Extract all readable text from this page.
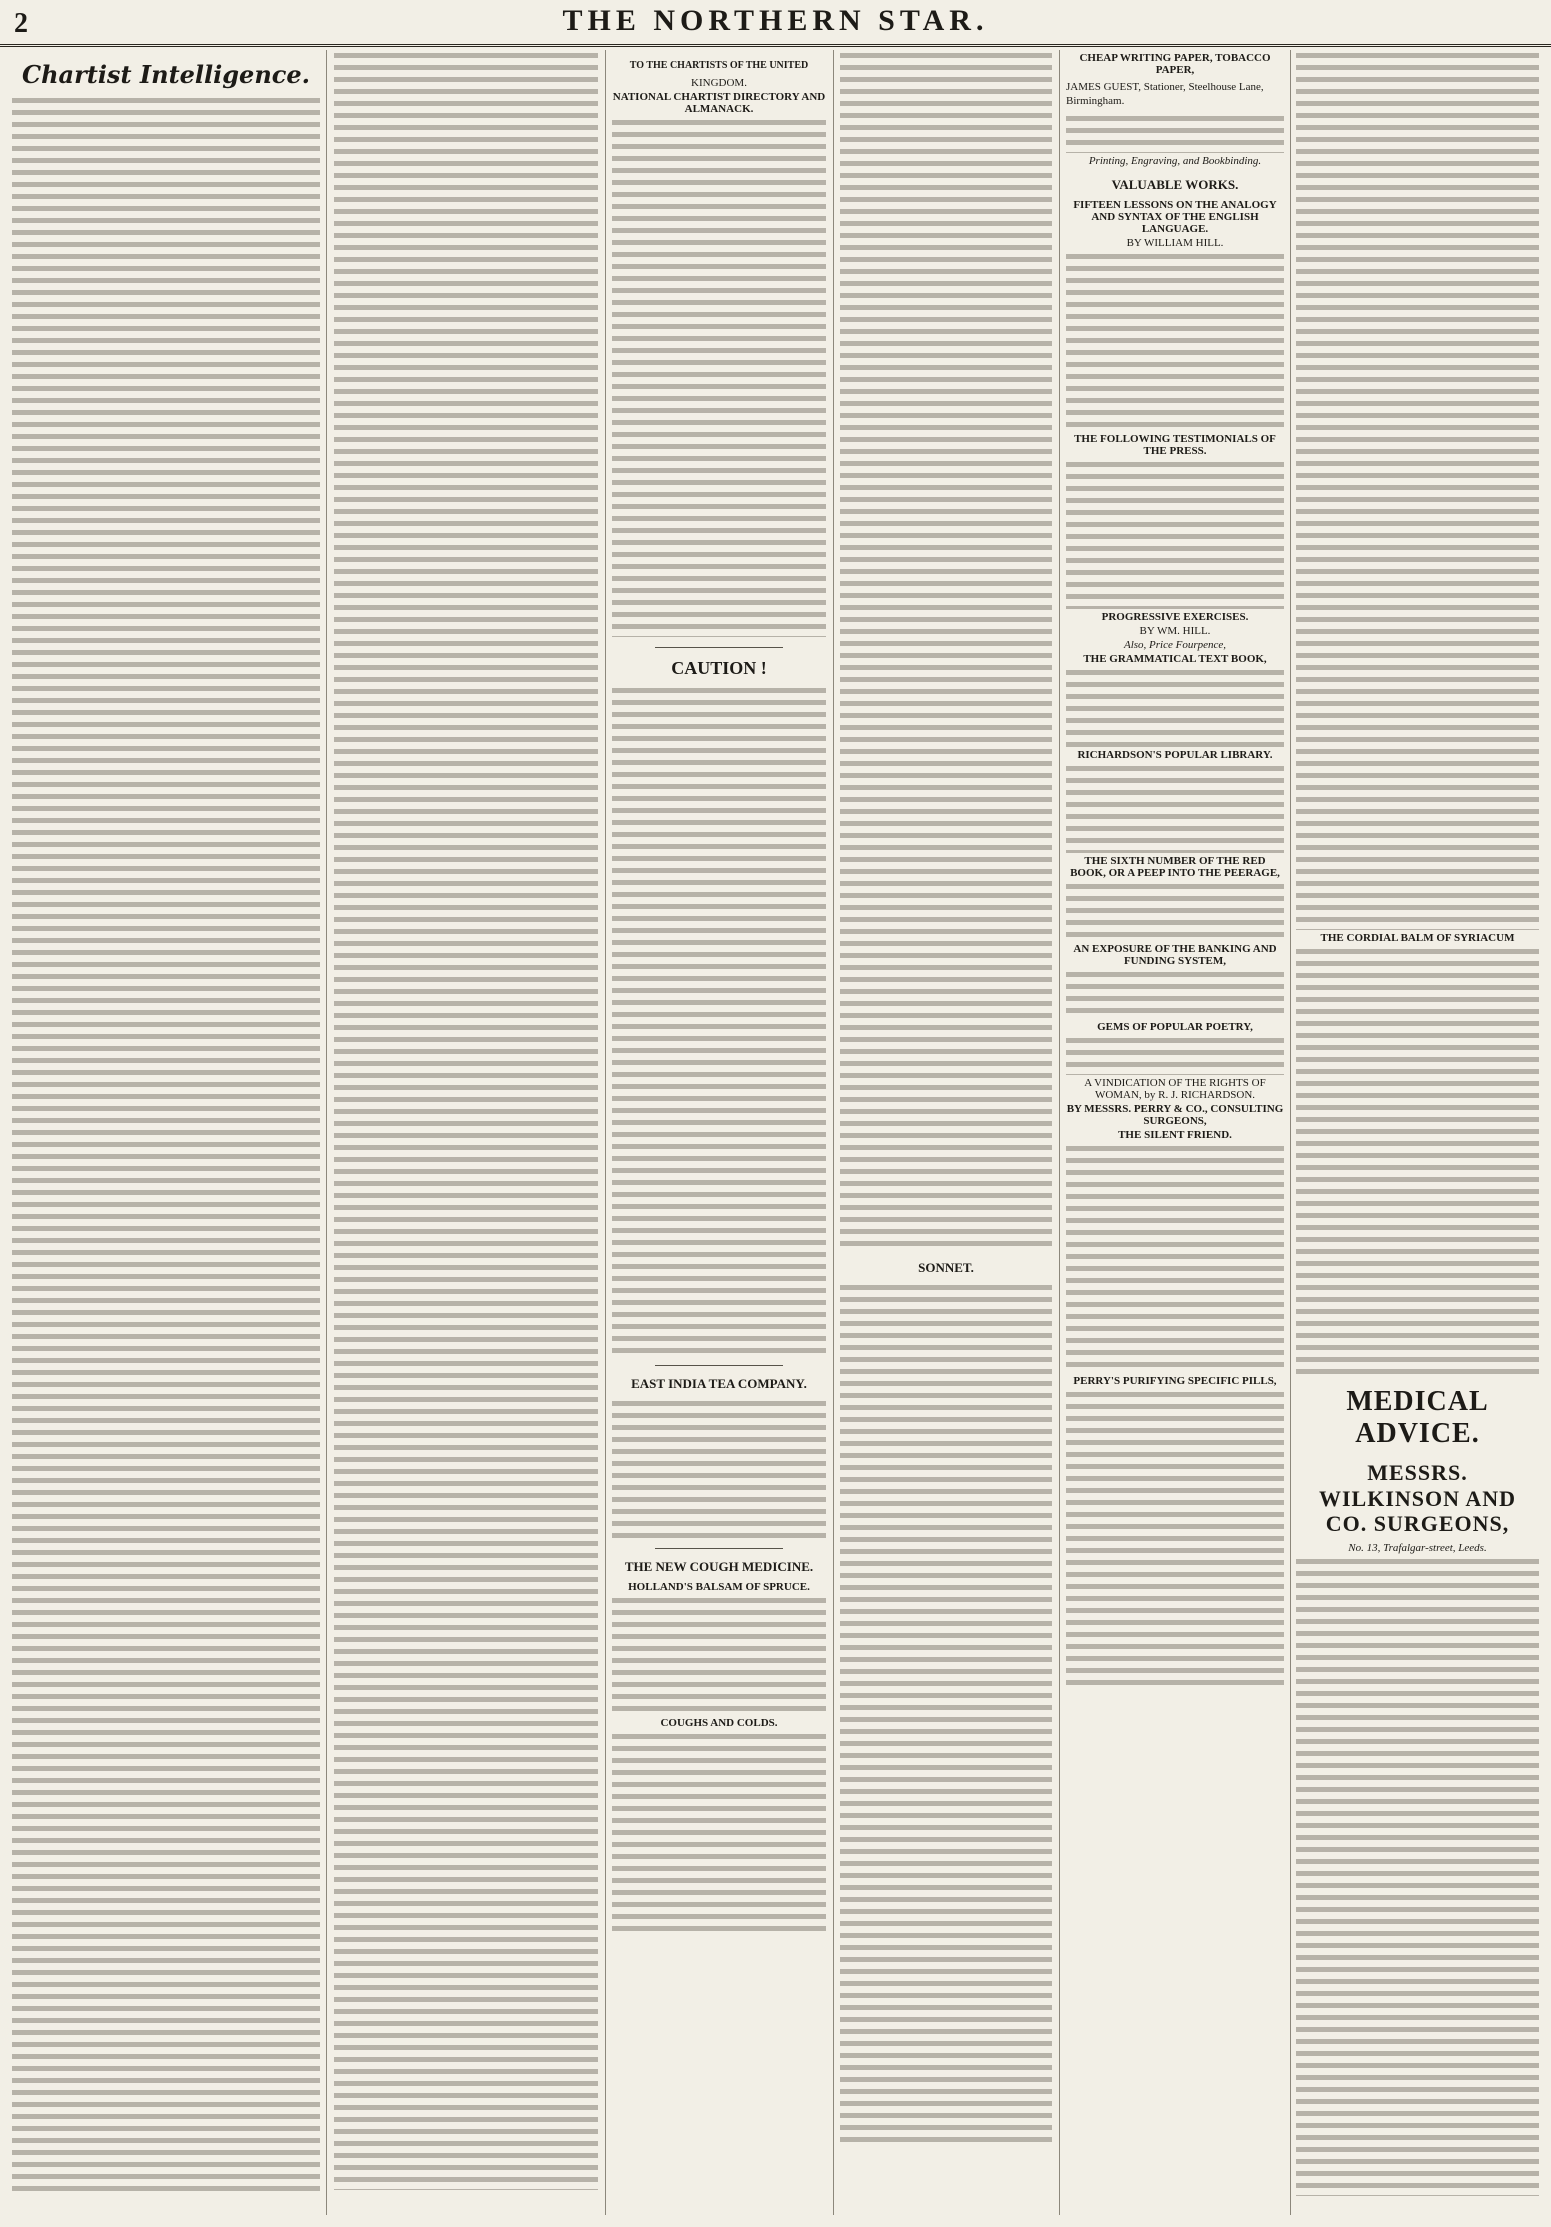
2	THE NORTHERN STAR.
Chartist Intelligence.	TO THE CHARTISTS OF THE UNITED
KINGDOM.
NATIONAL CHARTIST DIRECTORY AND ALMANACK.
CAUTION !
EAST INDIA TEA COMPANY.
THE NEW COUGH MEDICINE.
HOLLAND'S BALSAM OF SPRUCE.
COUGHS AND COLDS.
SONNET.
CHEAP WRITING PAPER, TOBACCO PAPER,
JAMES GUEST, Stationer, Steelhouse Lane, Birmingham.
Printing, Engraving, and Bookbinding.
VALUABLE WORKS.
FIFTEEN LESSONS ON THE ANALOGY AND SYNTAX OF THE ENGLISH LANGUAGE.
BY WILLIAM HILL.
THE FOLLOWING TESTIMONIALS OF THE PRESS.
PROGRESSIVE EXERCISES.
BY WM. HILL.
Also, Price Fourpence,
THE GRAMMATICAL TEXT BOOK,
RICHARDSON'S POPULAR LIBRARY.
THE SIXTH NUMBER OF THE RED BOOK, OR A PEEP INTO THE PEERAGE,
AN EXPOSURE OF THE BANKING AND FUNDING SYSTEM,
GEMS OF POPULAR POETRY,
A VINDICATION OF THE RIGHTS OF WOMAN, by R. J. RICHARDSON.
BY MESSRS. PERRY & CO., CONSULTING SURGEONS,
THE SILENT FRIEND.
PERRY'S PURIFYING SPECIFIC PILLS,
THE CORDIAL BALM OF SYRIACUM
MEDICAL ADVICE.
MESSRS. WILKINSON AND CO. SURGEONS,
No. 13, Trafalgar-street, Leeds.
